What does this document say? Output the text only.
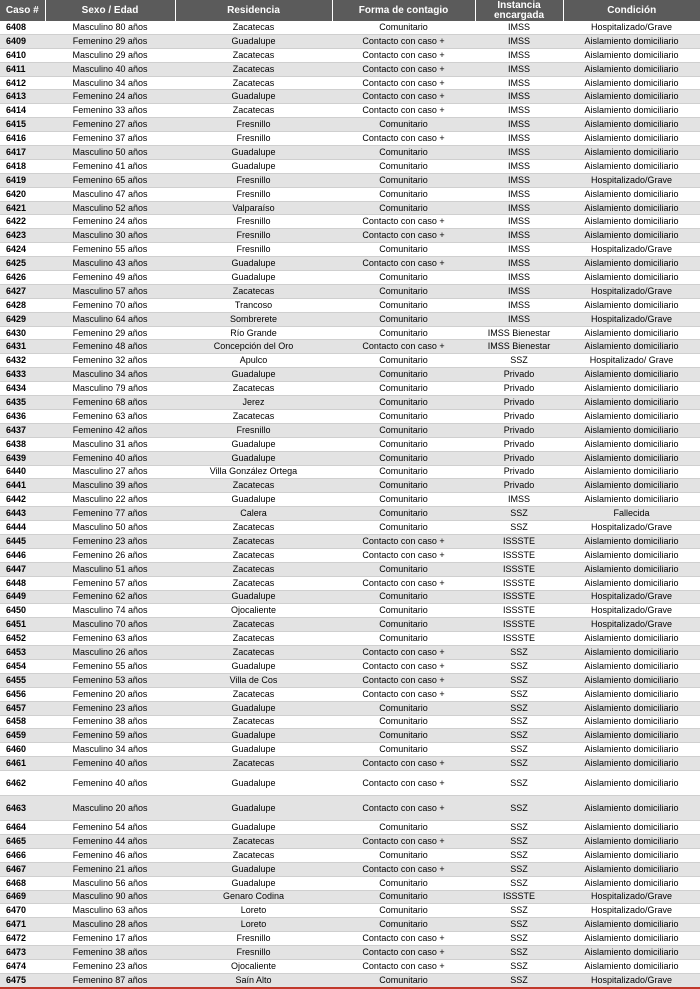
Caso #	Sexo / Edad	Residencia	Forma de contagio	Instancia encargada	Condición
6408	Masculino 80 años	Zacatecas	Comunitario	IMSS	Hospitalizado/Grave
6409	Femenino 29 años	Guadalupe	Contacto con caso +	IMSS	Aislamiento domiciliario
6410	Masculino 29 años	Zacatecas	Contacto con caso +	IMSS	Aislamiento domiciliario
6411	Masculino 40 años	Zacatecas	Contacto con caso +	IMSS	Aislamiento domiciliario
6412	Masculino 34 años	Zacatecas	Contacto con caso +	IMSS	Aislamiento domiciliario
6413	Femenino 24 años	Guadalupe	Contacto con caso +	IMSS	Aislamiento domiciliario
6414	Femenino 33 años	Zacatecas	Contacto con caso +	IMSS	Aislamiento domiciliario
6415	Femenino 27 años	Fresnillo	Comunitario	IMSS	Aislamiento domiciliario
6416	Femenino 37 años	Fresnillo	Contacto con caso +	IMSS	Aislamiento domiciliario
6417	Masculino 50 años	Guadalupe	Comunitario	IMSS	Aislamiento domiciliario
6418	Femenino 41 años	Guadalupe	Comunitario	IMSS	Aislamiento domiciliario
6419	Femenino 65 años	Fresnillo	Comunitario	IMSS	Hospitalizado/Grave
6420	Masculino 47 años	Fresnillo	Comunitario	IMSS	Aislamiento domiciliario
6421	Masculino 52 años	Valparaíso	Comunitario	IMSS	Aislamiento domiciliario
6422	Femenino 24 años	Fresnillo	Contacto con caso +	IMSS	Aislamiento domiciliario
6423	Masculino 30 años	Fresnillo	Contacto con caso +	IMSS	Aislamiento domiciliario
6424	Femenino 55 años	Fresnillo	Comunitario	IMSS	Hospitalizado/Grave
6425	Masculino 43 años	Guadalupe	Contacto con caso +	IMSS	Aislamiento domiciliario
6426	Femenino 49 años	Guadalupe	Comunitario	IMSS	Aislamiento domiciliario
6427	Masculino 57 años	Zacatecas	Comunitario	IMSS	Hospitalizado/Grave
6428	Femenino 70 años	Trancoso	Comunitario	IMSS	Aislamiento domiciliario
6429	Masculino 64 años	Sombrerete	Comunitario	IMSS	Hospitalizado/Grave
6430	Femenino 29 años	Río Grande	Comunitario	IMSS Bienestar	Aislamiento domiciliario
6431	Femenino 48 años	Concepción del Oro	Contacto con caso +	IMSS Bienestar	Aislamiento domiciliario
6432	Femenino 32 años	Apulco	Comunitario	SSZ	Hospitalizado/ Grave
6433	Masculino 34 años	Guadalupe	Comunitario	Privado	Aislamiento domiciliario
6434	Masculino 79 años	Zacatecas	Comunitario	Privado	Aislamiento domiciliario
6435	Femenino 68 años	Jerez	Comunitario	Privado	Aislamiento domiciliario
6436	Femenino 63 años	Zacatecas	Comunitario	Privado	Aislamiento domiciliario
6437	Femenino 42 años	Fresnillo	Comunitario	Privado	Aislamiento domiciliario
6438	Masculino 31 años	Guadalupe	Comunitario	Privado	Aislamiento domiciliario
6439	Femenino 40 años	Guadalupe	Comunitario	Privado	Aislamiento domiciliario
6440	Masculino 27 años	Villa González Ortega	Comunitario	Privado	Aislamiento domiciliario
6441	Masculino 39 años	Zacatecas	Comunitario	Privado	Aislamiento domiciliario
6442	Masculino 22 años	Guadalupe	Comunitario	IMSS	Aislamiento domiciliario
6443	Femenino 77 años	Calera	Comunitario	SSZ	Fallecida
6444	Masculino 50 años	Zacatecas	Comunitario	SSZ	Hospitalizado/Grave
6445	Femenino 23 años	Zacatecas	Contacto con caso +	ISSSTE	Aislamiento domiciliario
6446	Femenino 26 años	Zacatecas	Contacto con caso +	ISSSTE	Aislamiento domiciliario
6447	Masculino 51 años	Zacatecas	Comunitario	ISSSTE	Aislamiento domiciliario
6448	Femenino 57 años	Zacatecas	Contacto con caso +	ISSSTE	Aislamiento domiciliario
6449	Femenino 62 años	Guadalupe	Comunitario	ISSSTE	Hospitalizado/Grave
6450	Masculino 74 años	Ojocaliente	Comunitario	ISSSTE	Hospitalizado/Grave
6451	Masculino 70 años	Zacatecas	Comunitario	ISSSTE	Hospitalizado/Grave
6452	Femenino 63 años	Zacatecas	Comunitario	ISSSTE	Aislamiento domiciliario
6453	Masculino 26 años	Zacatecas	Contacto con caso +	SSZ	Aislamiento domiciliario
6454	Femenino 55 años	Guadalupe	Contacto con caso +	SSZ	Aislamiento domiciliario
6455	Femenino 53 años	Villa de Cos	Contacto con caso +	SSZ	Aislamiento domiciliario
6456	Femenino 20 años	Zacatecas	Contacto con caso +	SSZ	Aislamiento domiciliario
6457	Femenino 23 años	Guadalupe	Comunitario	SSZ	Aislamiento domiciliario
6458	Femenino 38 años	Zacatecas	Comunitario	SSZ	Aislamiento domiciliario
6459	Femenino 59 años	Guadalupe	Comunitario	SSZ	Aislamiento domiciliario
6460	Masculino 34 años	Guadalupe	Comunitario	SSZ	Aislamiento domiciliario
6461	Femenino 40 años	Zacatecas	Contacto con caso +	SSZ	Aislamiento domiciliario
6462	Femenino 40 años	Guadalupe	Contacto con caso +	SSZ	Aislamiento domiciliario
6463	Masculino 20 años	Guadalupe	Contacto con caso +	SSZ	Aislamiento domiciliario
6464	Femenino 54 años	Guadalupe	Comunitario	SSZ	Aislamiento domiciliario
6465	Femenino 44 años	Zacatecas	Contacto con caso +	SSZ	Aislamiento domiciliario
6466	Femenino 46 años	Zacatecas	Comunitario	SSZ	Aislamiento domiciliario
6467	Femenino 21 años	Guadalupe	Contacto con caso +	SSZ	Aislamiento domiciliario
6468	Masculino 56 años	Guadalupe	Comunitario	SSZ	Aislamiento domiciliario
6469	Masculino 90 años	Genaro Codina	Comunitario	ISSSTE	Hospitalizado/Grave
6470	Masculino 63 años	Loreto	Comunitario	SSZ	Hospitalizado/Grave
6471	Masculino 28 años	Loreto	Comunitario	SSZ	Aislamiento domiciliario
6472	Femenino 17 años	Fresnillo	Contacto con caso +	SSZ	Aislamiento domiciliario
6473	Femenino 38 años	Fresnillo	Contacto con caso +	SSZ	Aislamiento domiciliario
6474	Femenino 23 años	Ojocaliente	Contacto con caso +	SSZ	Aislamiento domiciliario
6475	Femenino 87 años	Saín Alto	Comunitario	SSZ	Hospitalizado/Grave
